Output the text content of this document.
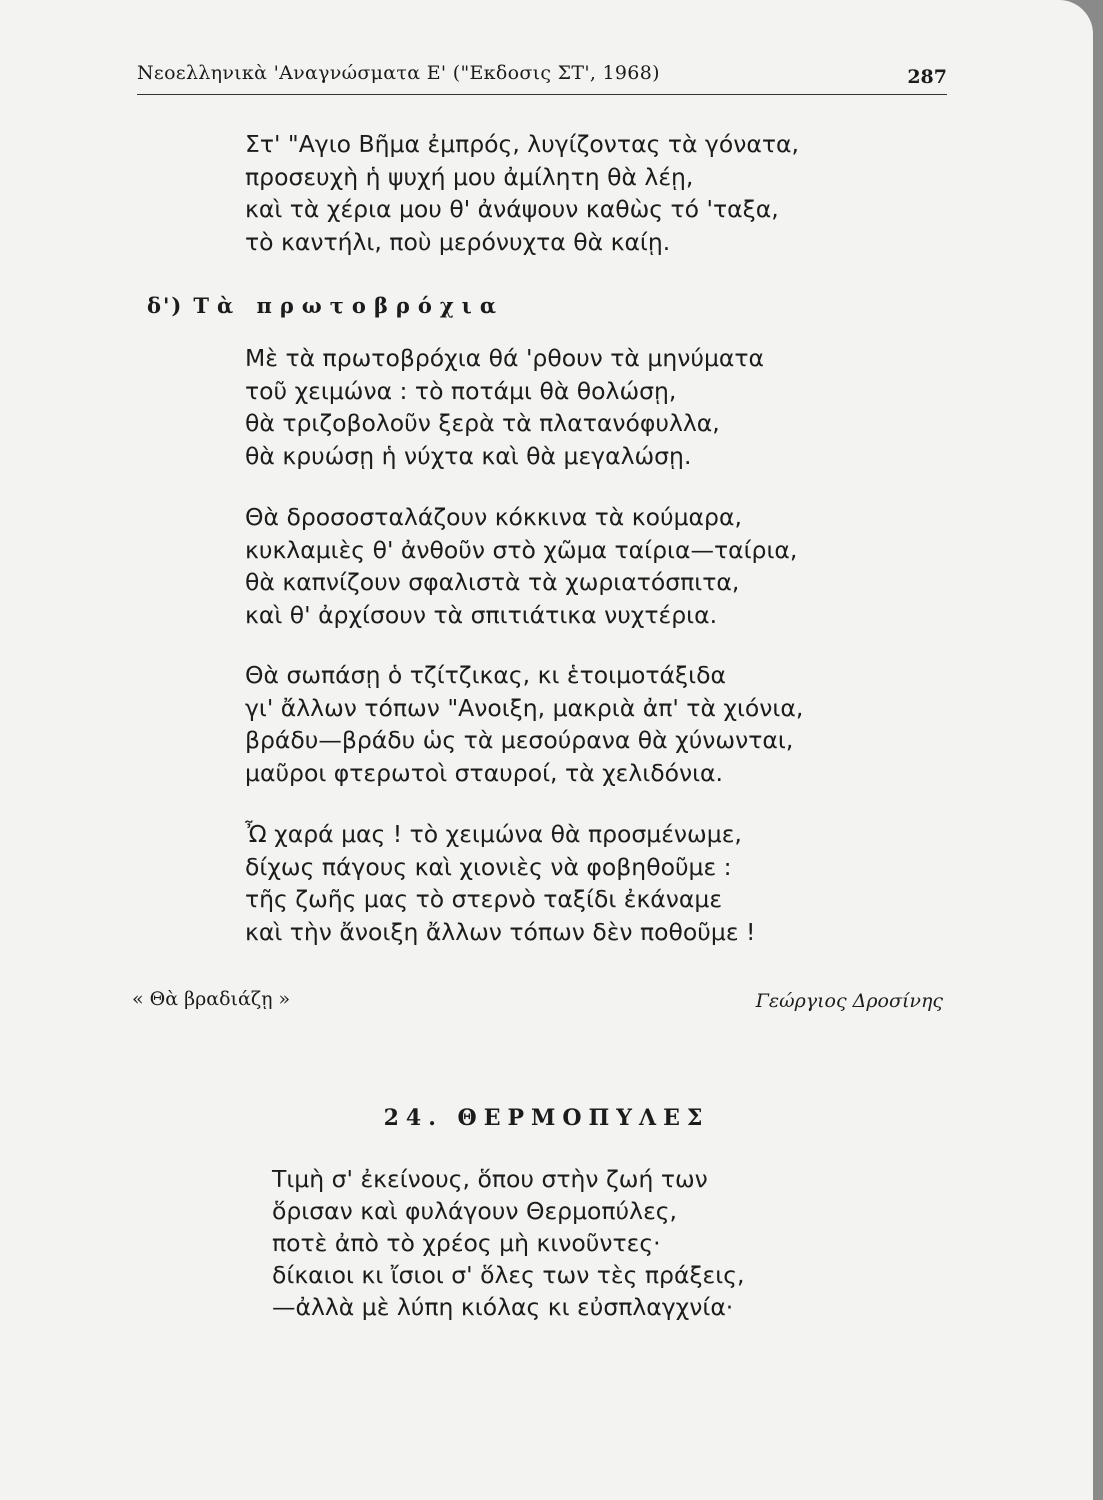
Νεοελληνικὰ 'Αναγνώσματα Ε' ("Εκδοσις ΣΤ', 1968)	287
Στ' "Αγιο Βῆμα ἐμπρός, λυγίζοντας τὰ γόνατα,
προσευχὴ ἡ ψυχή μου ἀμίλητη θὰ λέῃ,
καὶ τὰ χέρια μου θ' ἀνάψουν καθὼς τό 'ταξα,
τὸ καντήλι, ποὺ μερόνυχτα θὰ καίῃ.
δ') Τὰ πρωτοβρόχια
Μὲ τὰ πρωτοβρόχια θά 'ρθουν τὰ μηνύματα
τοῦ χειμώνα : τὸ ποτάμι θὰ θολώσῃ,
θὰ τριζοβολοῦν ξερὰ τὰ πλατανόφυλλα,
θὰ κρυώσῃ ἡ νύχτα καὶ θὰ μεγαλώσῃ.
Θὰ δροσοσταλάζουν κόκκινα τὰ κούμαρα,
κυκλαμιὲς θ' ἀνθοῦν στὸ χῶμα ταίρια—ταίρια,
θὰ καπνίζουν σφαλιστὰ τὰ χωριατόσπιτα,
καὶ θ' ἀρχίσουν τὰ σπιτιάτικα νυχτέρια.
Θὰ σωπάσῃ ὁ τζίτζικας, κι ἑτοιμοτάξιδα
γι' ἄλλων τόπων "Ανοιξη, μακριὰ ἀπ' τὰ χιόνια,
βράδυ—βράδυ ὡς τὰ μεσούρανα θὰ χύνωνται,
μαῦροι φτερωτοὶ σταυροί, τὰ χελιδόνια.
Ὦ χαρά μας ! τὸ χειμώνα θὰ προσμένωμε,
δίχως πάγους καὶ χιονιὲς νὰ φοβηθοῦμε :
τῆς ζωῆς μας τὸ στερνὸ ταξίδι ἐκάναμε
καὶ τὴν ἄνοιξη ἄλλων τόπων δὲν ποθοῦμε !
« Θὰ βραδιάζῃ »	Γεώργιος Δροσίνης
24. ΘΕΡΜΟΠΥΛΕΣ
Τιμὴ σ' ἐκείνους, ὅπου στὴν ζωή των
ὅρισαν καὶ φυλάγουν Θερμοπύλες,
ποτὲ ἀπὸ τὸ χρέος μὴ κινοῦντες·
δίκαιοι κι ἴσιοι σ' ὅλες των τὲς πράξεις,
—ἀλλὰ μὲ λύπη κιόλας κι εὐσπλαγχνία·
